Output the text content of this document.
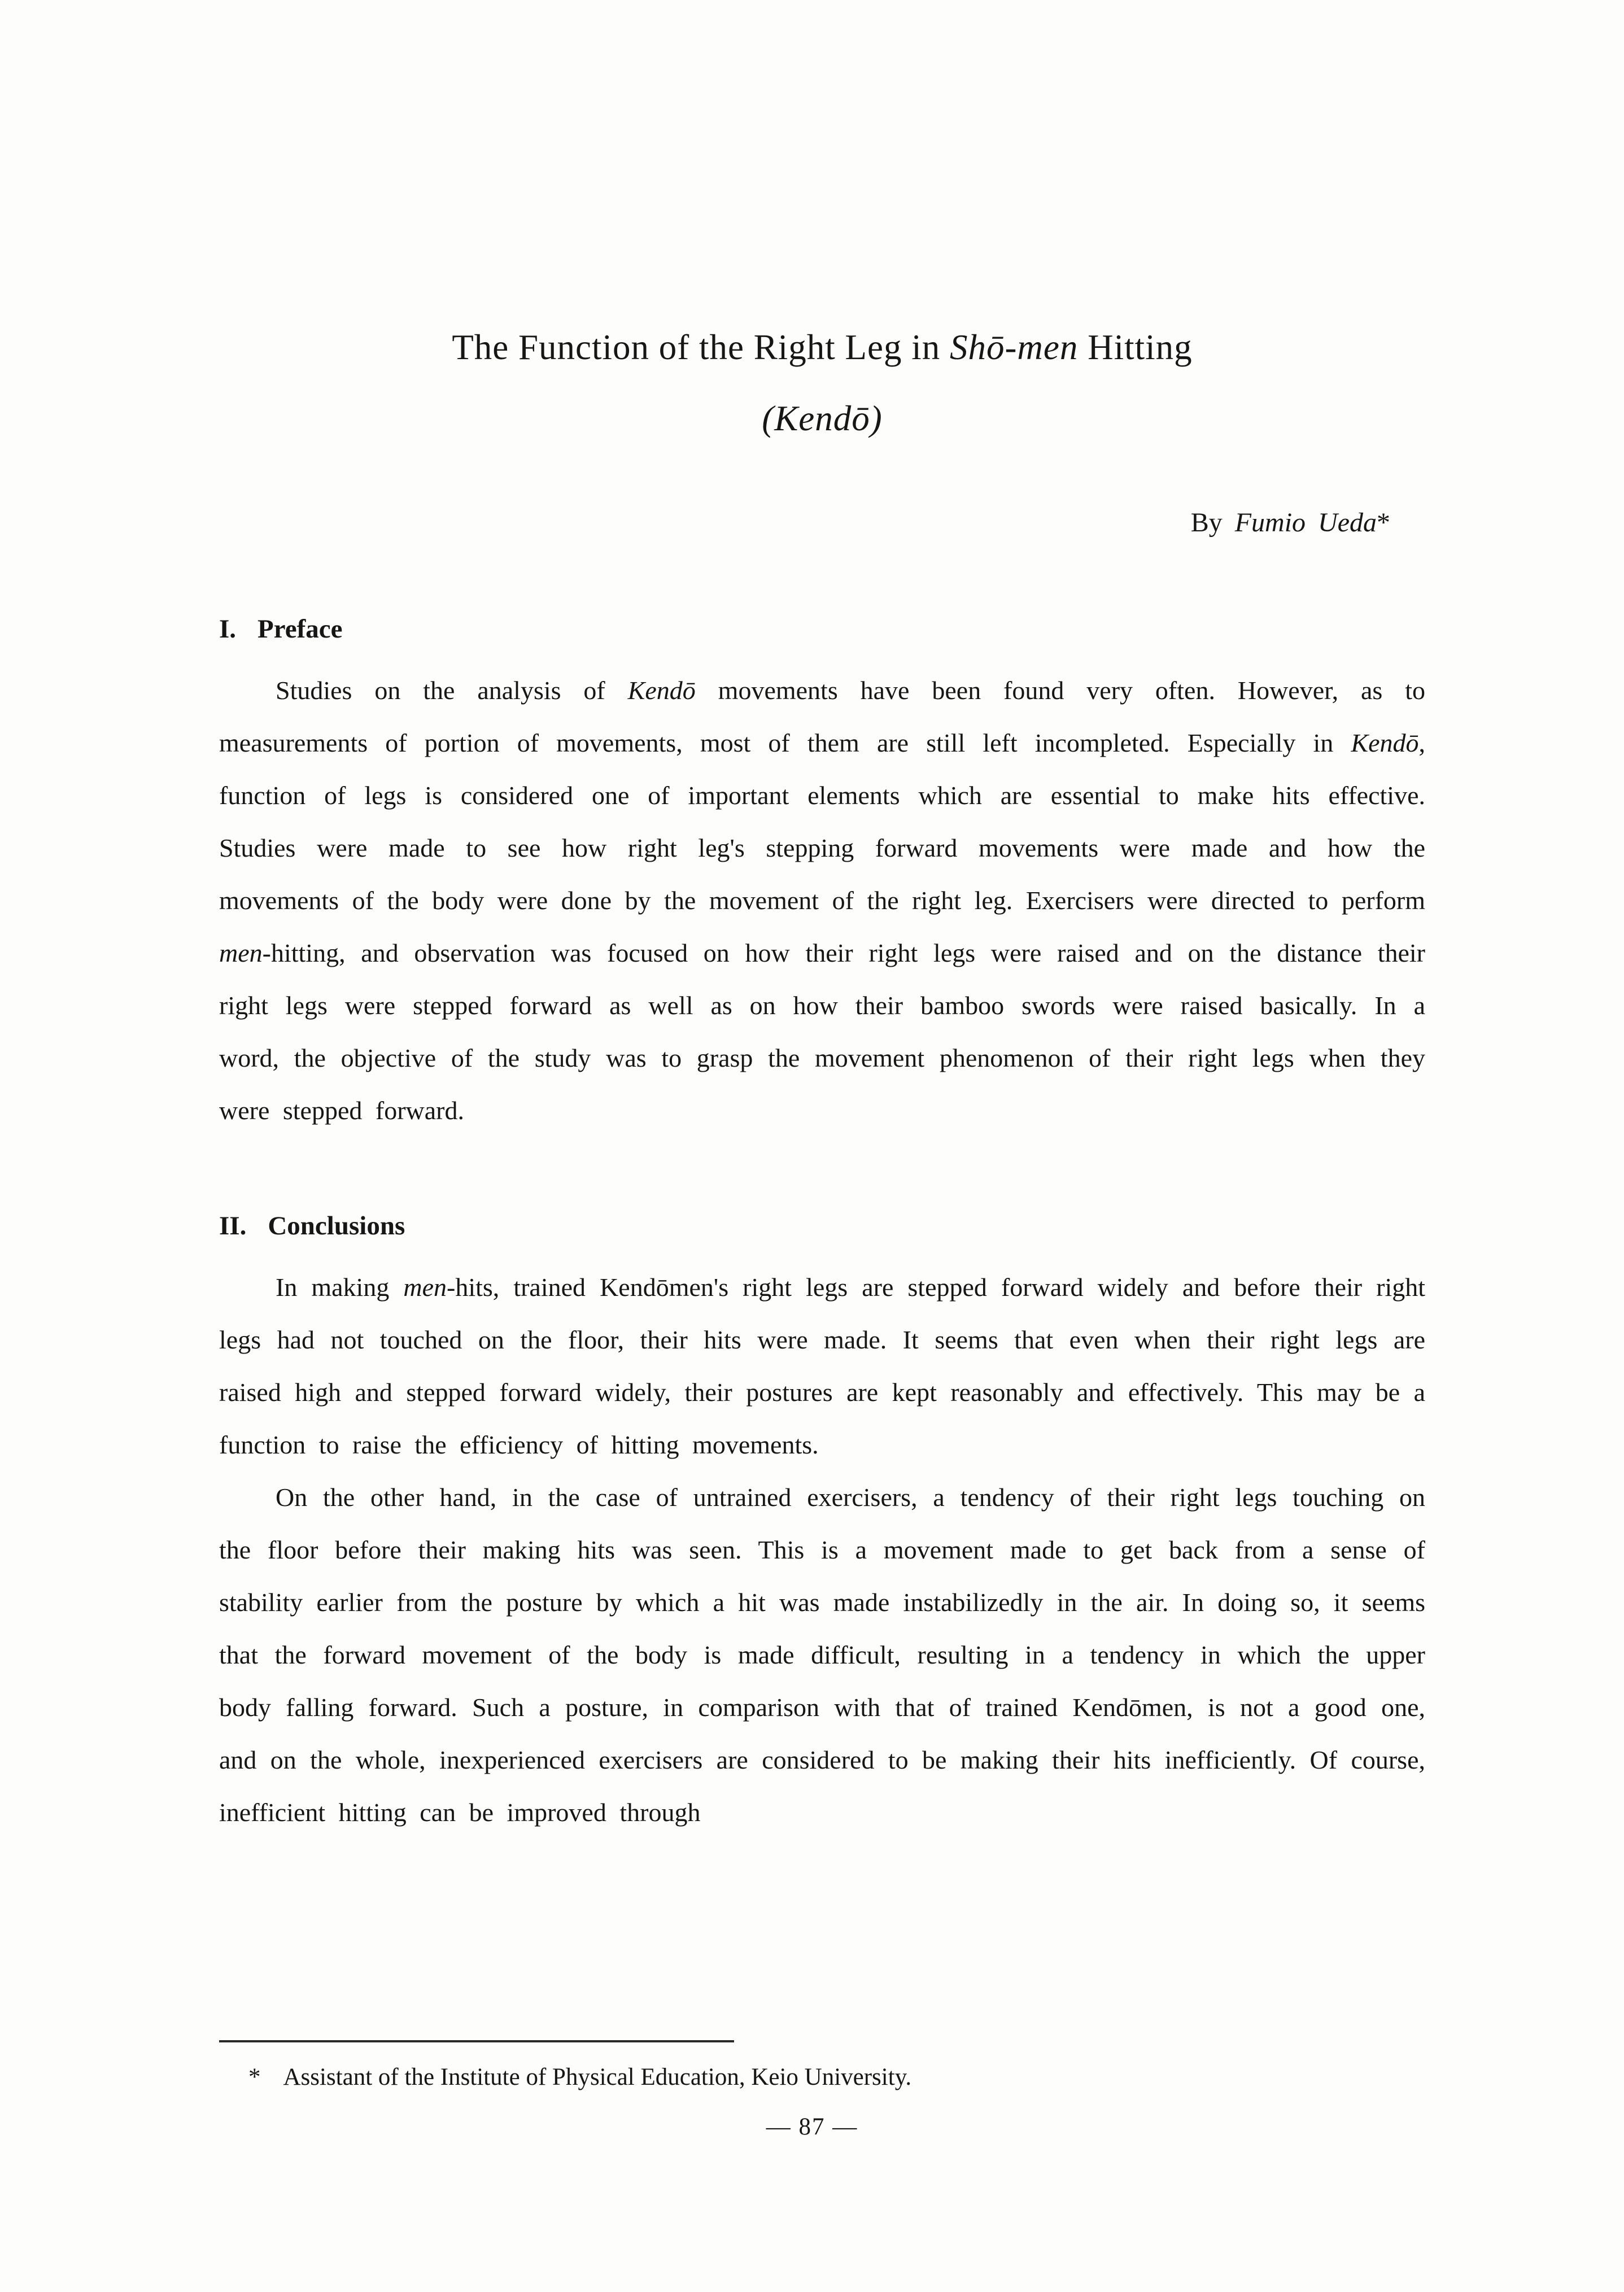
The Function of the Right Leg in Shō-men Hitting
(Kendō)
By Fumio Ueda*
I. Preface

Studies on the analysis of Kendō movements have been found very often. However, as to measurements of portion of movements, most of them are still left incompleted. Especially in Kendō, function of legs is considered one of important elements which are essential to make hits effective. Studies were made to see how right leg's stepping forward movements were made and how the movements of the body were done by the movement of the right leg. Exercisers were directed to perform men-hitting, and observation was focused on how their right legs were raised and on the distance their right legs were stepped forward as well as on how their bamboo swords were raised basically. In a word, the objective of the study was to grasp the movement phenomenon of their right legs when they were stepped forward.

II. Conclusions

In making men-hits, trained Kendōmen's right legs are stepped forward widely and before their right legs had not touched on the floor, their hits were made. It seems that even when their right legs are raised high and stepped forward widely, their postures are kept reasonably and effectively. This may be a function to raise the efficiency of hitting movements.

On the other hand, in the case of untrained exercisers, a tendency of their right legs touching on the floor before their making hits was seen. This is a movement made to get back from a sense of stability earlier from the posture by which a hit was made instabilizedly in the air. In doing so, it seems that the forward movement of the body is made difficult, resulting in a tendency in which the upper body falling forward. Such a posture, in comparison with that of trained Kendōmen, is not a good one, and on the whole, inexperienced exercisers are considered to be making their hits inefficiently. Of course, inefficient hitting can be improved through

* Assistant of the Institute of Physical Education, Keio University.
— 87 —
